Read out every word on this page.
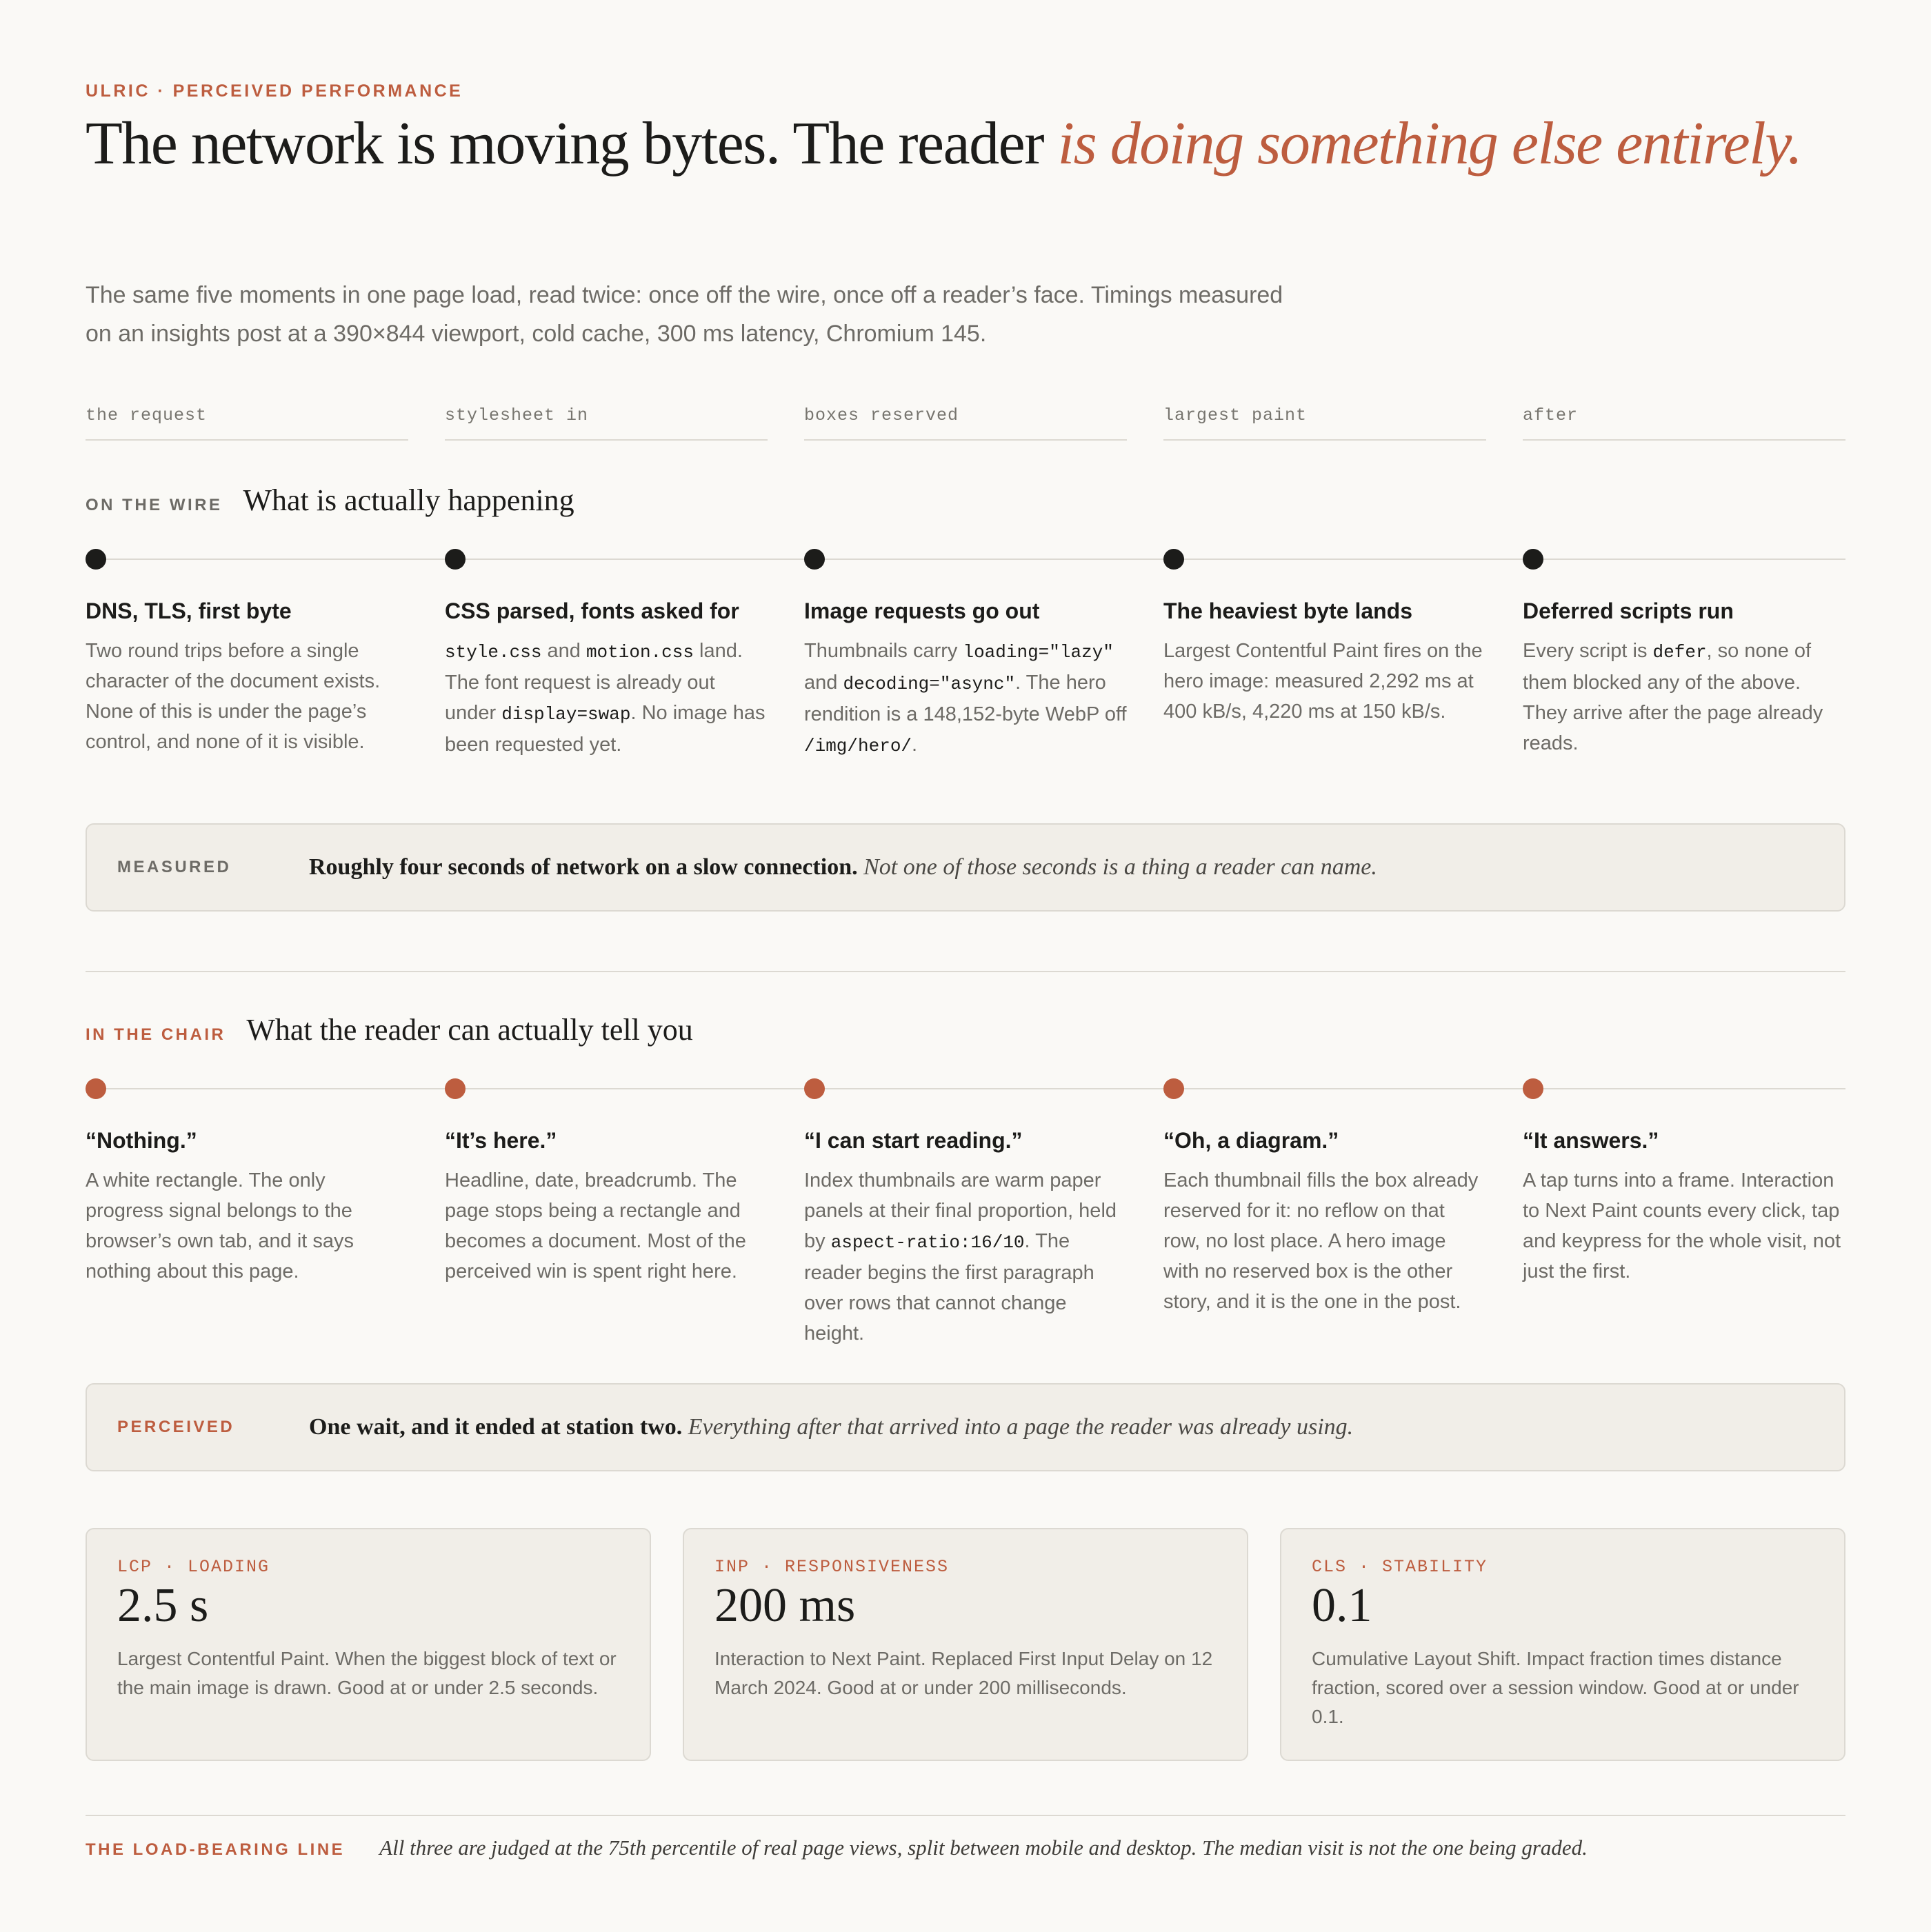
ULRIC · PERCEIVED PERFORMANCE
The network is moving bytes. The reader is doing something else entirely.

The same five moments in one page load, read twice: once off the wire, once off a reader’s face. Timings measured on an insights post at a 390×844 viewport, cold cache, 300 ms latency, Chromium 145.

the request	stylesheet in	boxes reserved	largest paint	after
ON THE WIRE What is actually happening
DNS, TLS, first byte
Two round trips before a single character of the document exists. None of this is under the page’s control, and none of it is visible.
CSS parsed, fonts asked for
style.css and motion.css land. The font request is already out under display=swap. No image has been requested yet.
Image requests go out
Thumbnails carry loading="lazy" and decoding="async". The hero rendition is a 148,152-byte WebP off /img/hero/.
The heaviest byte lands
Largest Contentful Paint fires on the hero image: measured 2,292 ms at 400 kB/s, 4,220 ms at 150 kB/s.
Deferred scripts run
Every script is defer, so none of them blocked any of the above. They arrive after the page already reads.
MEASURED	Roughly four seconds of network on a slow connection. Not one of those seconds is a thing a reader can name.
IN THE CHAIR What the reader can actually tell you
“Nothing.”
A white rectangle. The only progress signal belongs to the browser’s own tab, and it says nothing about this page.
“It’s here.”
Headline, date, breadcrumb. The page stops being a rectangle and becomes a document. Most of the perceived win is spent right here.
“I can start reading.”
Index thumbnails are warm paper panels at their final proportion, held by aspect-ratio:16/10. The reader begins the first paragraph over rows that cannot change height.
“Oh, a diagram.”
Each thumbnail fills the box already reserved for it: no reflow on that row, no lost place. A hero image with no reserved box is the other story, and it is the one in the post.
“It answers.”
A tap turns into a frame. Interaction to Next Paint counts every click, tap and keypress for the whole visit, not just the first.
PERCEIVED	One wait, and it ended at station two. Everything after that arrived into a page the reader was already using.
LCP · LOADING
2.5 s
Largest Contentful Paint. When the biggest block of text or the main image is drawn. Good at or under 2.5 seconds.
INP · RESPONSIVENESS
200 ms
Interaction to Next Paint. Replaced First Input Delay on 12 March 2024. Good at or under 200 milliseconds.
CLS · STABILITY
0.1
Cumulative Layout Shift. Impact fraction times distance fraction, scored over a session window. Good at or under 0.1.
THE LOAD-BEARING LINE All three are judged at the 75th percentile of real page views, split between mobile and desktop. The median visit is not the one being graded.
